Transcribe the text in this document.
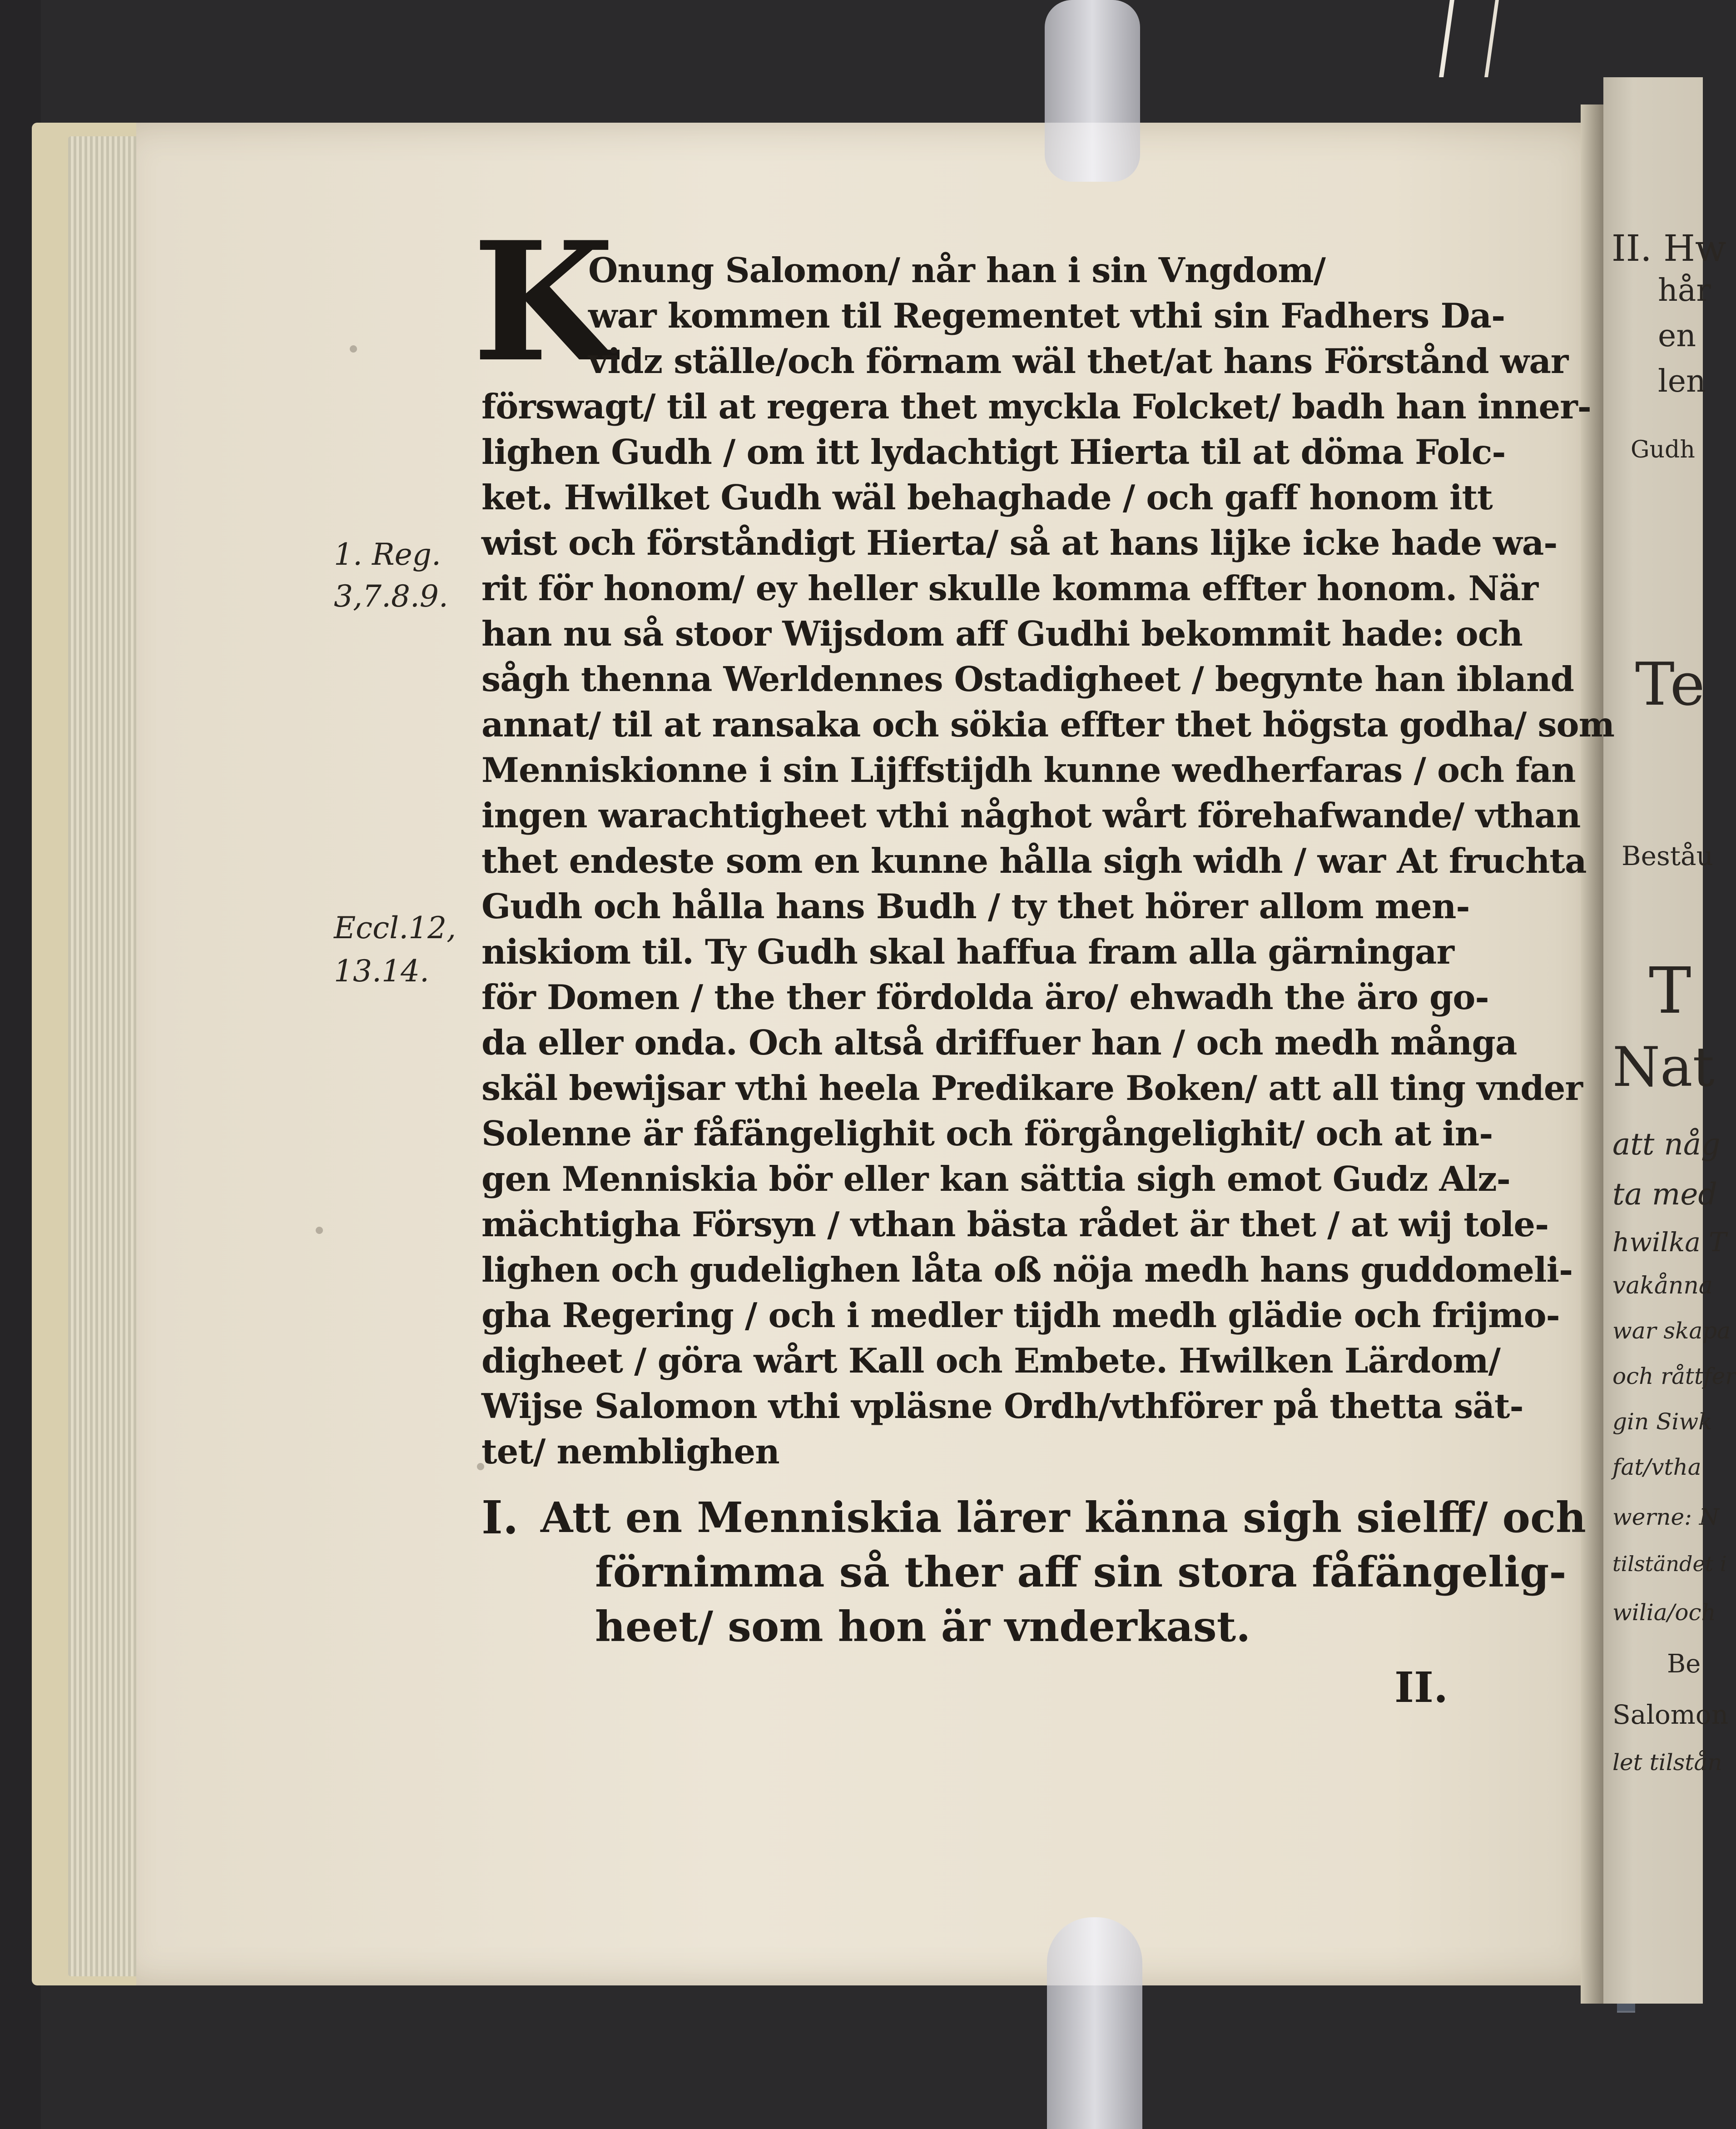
II. Hw
hår
en
len
Gudh
Te
Beståu
T
Nat
att någ
ta med
hwilka T
vakånna
war skapa
och råttfer
gin Siwk
fat/vtha
werne: N
tilständet i
wilia/och
Be
Salomon
let tilstån
1. Reg.
3,7.8.9.
Eccl.12,
13.14.
K
Onung Salomon/ når han i sin Vngdom/
war kommen til Regementet vthi sin Fadhers Da-
vidz ställe/och förnam wäl thet/at hans Förstånd war
förswagt/ til at regera thet myckla Folcket/ badh han inner-
lighen Gudh / om itt lydachtigt Hierta til at döma Folc-
ket. Hwilket Gudh wäl behaghade / och gaff honom itt
wist och förståndigt Hierta/ så at hans lijke icke hade wa-
rit för honom/ ey heller skulle komma effter honom. När
han nu så stoor Wijsdom aff Gudhi bekommit hade: och
sågh thenna Werldennes Ostadigheet / begynte han ibland
annat/ til at ransaka och sökia effter thet högsta godha/ som
Menniskionne i sin Lijffstijdh kunne wedherfaras / och fan
ingen warachtigheet vthi någhot wårt förehafwande/ vthan
thet endeste som en kunne hålla sigh widh / war At fruchta
Gudh och hålla hans Budh / ty thet hörer allom men-
niskiom til. Ty Gudh skal haffua fram alla gärningar
för Domen / the ther fördolda äro/ ehwadh the äro go-
da eller onda. Och altså driffuer han / och medh många
skäl bewijsar vthi heela Predikare Boken/ att all ting vnder
Solenne är fåfängelighit och förgångelighit/ och at in-
gen Menniskia bör eller kan sättia sigh emot Gudz Alz-
mächtigha Försyn / vthan bästa rådet är thet / at wij tole-
lighen och gudelighen låta oß nöja medh hans guddomeli-
gha Regering / och i medler tijdh medh glädie och frijmo-
digheet / göra wårt Kall och Embete. Hwilken Lärdom/
Wijse Salomon vthi vpläsne Ordh/vthförer på thetta sät-
tet/ nemblighen
I. Att en Menniskia lärer känna sigh sielff/ och
förnimma så ther aff sin stora fåfängelig-
heet/ som hon är vnderkast.
II.
